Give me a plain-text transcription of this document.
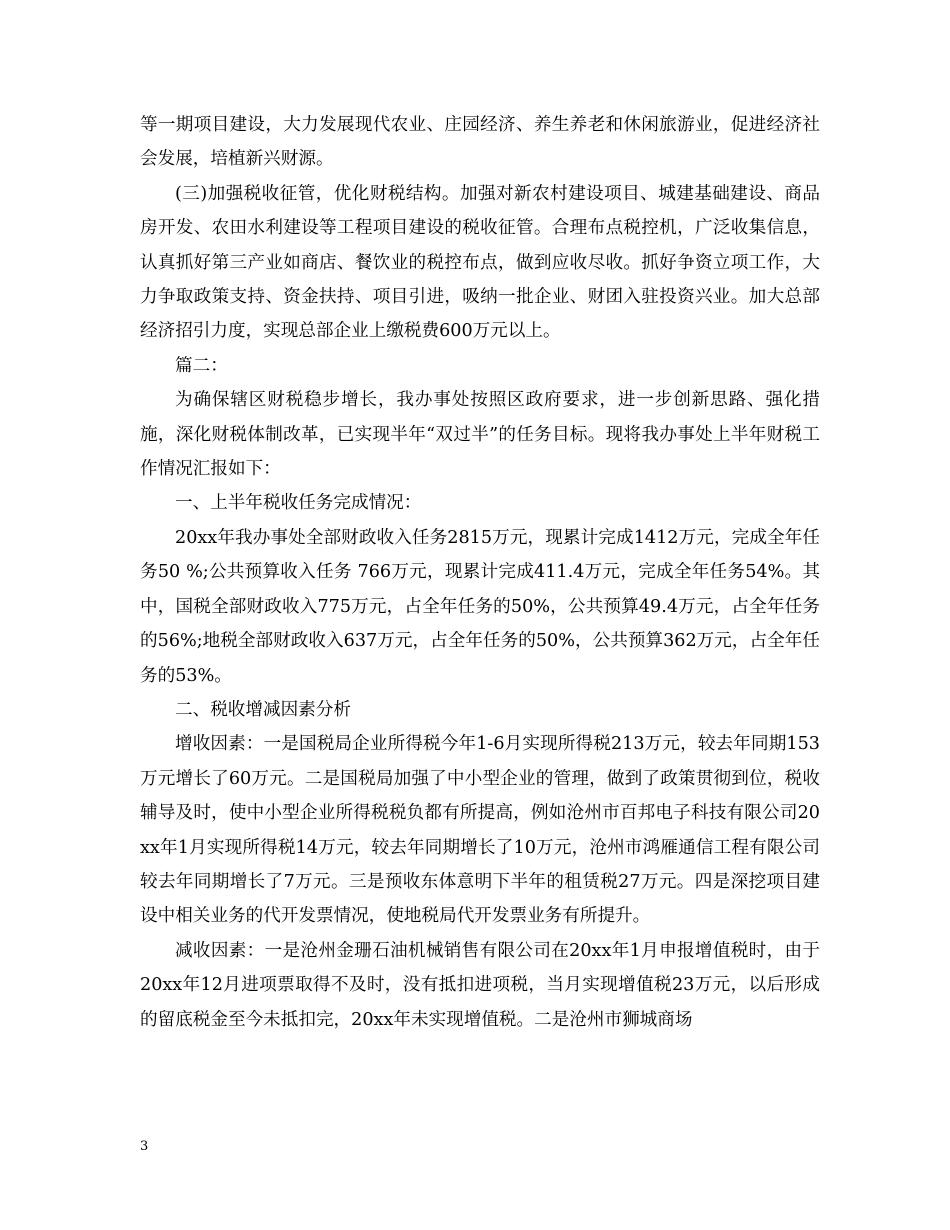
等一期项目建设，大力发展现代农业、庄园经济、养生养老和休闲旅游业，促进经济社会发展，培植新兴财源。

(三)加强税收征管，优化财税结构。加强对新农村建设项目、城建基础建设、商品房开发、农田水利建设等工程项目建设的税收征管。合理布点税控机，广泛收集信息，认真抓好第三产业如商店、餐饮业的税控布点，做到应收尽收。抓好争资立项工作，大力争取政策支持、资金扶持、项目引进，吸纳一批企业、财团入驻投资兴业。加大总部经济招引力度，实现总部企业上缴税费600万元以上。

篇二：

为确保辖区财税稳步增长，我办事处按照区政府要求，进一步创新思路、强化措施，深化财税体制改革，已实现半年“双过半”的任务目标。现将我办事处上半年财税工作情况汇报如下：

一、上半年税收任务完成情况：

20xx年我办事处全部财政收入任务2815万元，现累计完成1412万元，完成全年任务50 %;公共预算收入任务 766万元，现累计完成411.4万元，完成全年任务54%。其中，国税全部财政收入775万元，占全年任务的50%，公共预算49.4万元，占全年任务的56%;地税全部财政收入637万元，占全年任务的50%，公共预算362万元，占全年任务的53%。

二、税收增减因素分析

增收因素：一是国税局企业所得税今年1-6月实现所得税213万元，较去年同期153万元增长了60万元。二是国税局加强了中小型企业的管理，做到了政策贯彻到位，税收辅导及时，使中小型企业所得税税负都有所提高，例如沧州市百邦电子科技有限公司20xx年1月实现所得税14万元，较去年同期增长了10万元，沧州市鸿雁通信工程有限公司较去年同期增长了7万元。三是预收东体意明下半年的租赁税27万元。四是深挖项目建设中相关业务的代开发票情况，使地税局代开发票业务有所提升。

减收因素：一是沧州金珊石油机械销售有限公司在20xx年1月申报增值税时，由于20xx年12月进项票取得不及时，没有抵扣进项税，当月实现增值税23万元，以后形成的留底税金至今未抵扣完，20xx年未实现增值税。二是沧州市狮城商场

3
